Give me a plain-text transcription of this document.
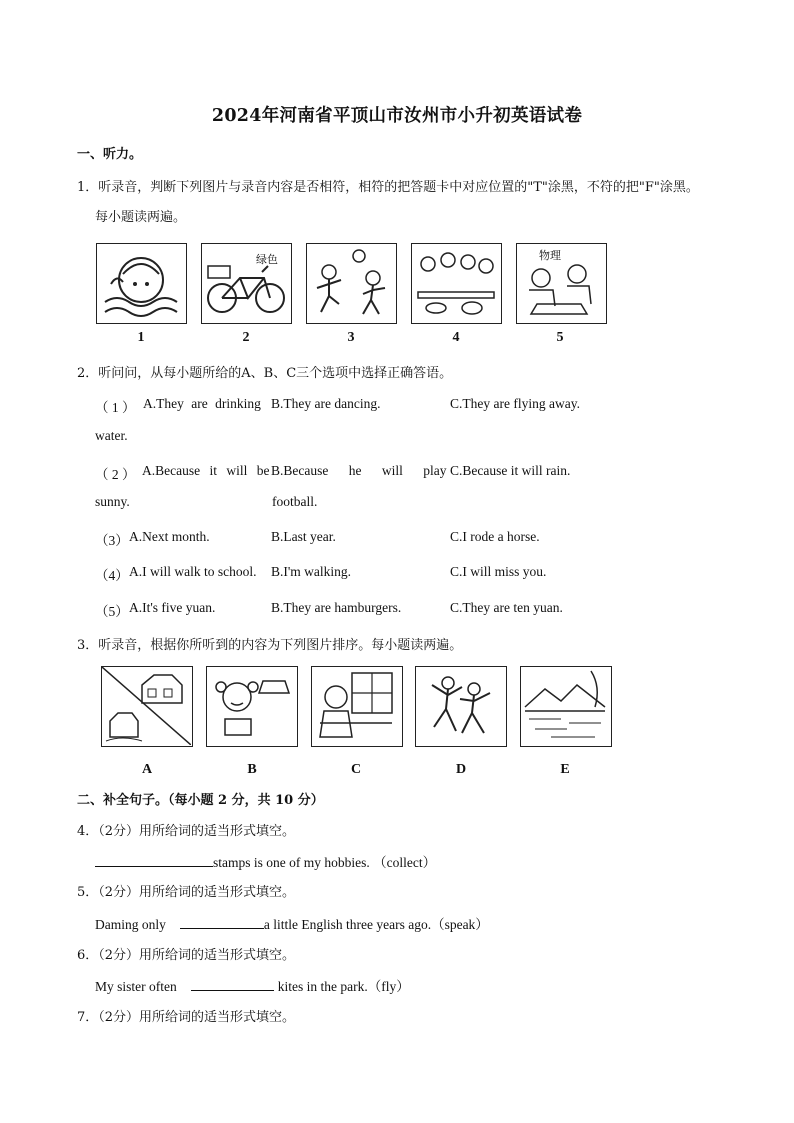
2024年河南省平顶山市汝州市小升初英语试卷
一、听力。
1．听录音，判断下列图片与录音内容是否相符，相符的把答题卡中对应位置的"T"涂黑，不符的把"F"涂黑。
每小题读两遍。
绿色	物理
1	2	3	4	5
2．听问问，从每小题所给的A、B、C三个选项中选择正确答语。
（ 1 ） A.They are drinking
water.
B.They are dancing.	C.They are flying away.
（ 2 ） A.Because it will be
sunny.
B.Because he will play
football.
C.Because it will rain.
（3） A.Next month.	B.Last year.	C.I rode a horse.
（4） A.I will walk to school. B.I'm walking.	C.I will miss you.
（5） A.It's five yuan.	B.They are hamburgers.	C.They are ten yuan.
3．听录音，根据你所听到的内容为下列图片排序。每小题读两遍。
A	B	C	D	E
二、补全句子。（每小题 2 分，共 10 分）
4．（2分）用所给词的适当形式填空。
stamps is one of my hobbies. （collect）
5．（2分）用所给词的适当形式填空。
Daming only	a little English three years ago.（speak）
6．（2分）用所给词的适当形式填空。
My sister often	kites in the park.（fly）
7．（2分）用所给词的适当形式填空。
